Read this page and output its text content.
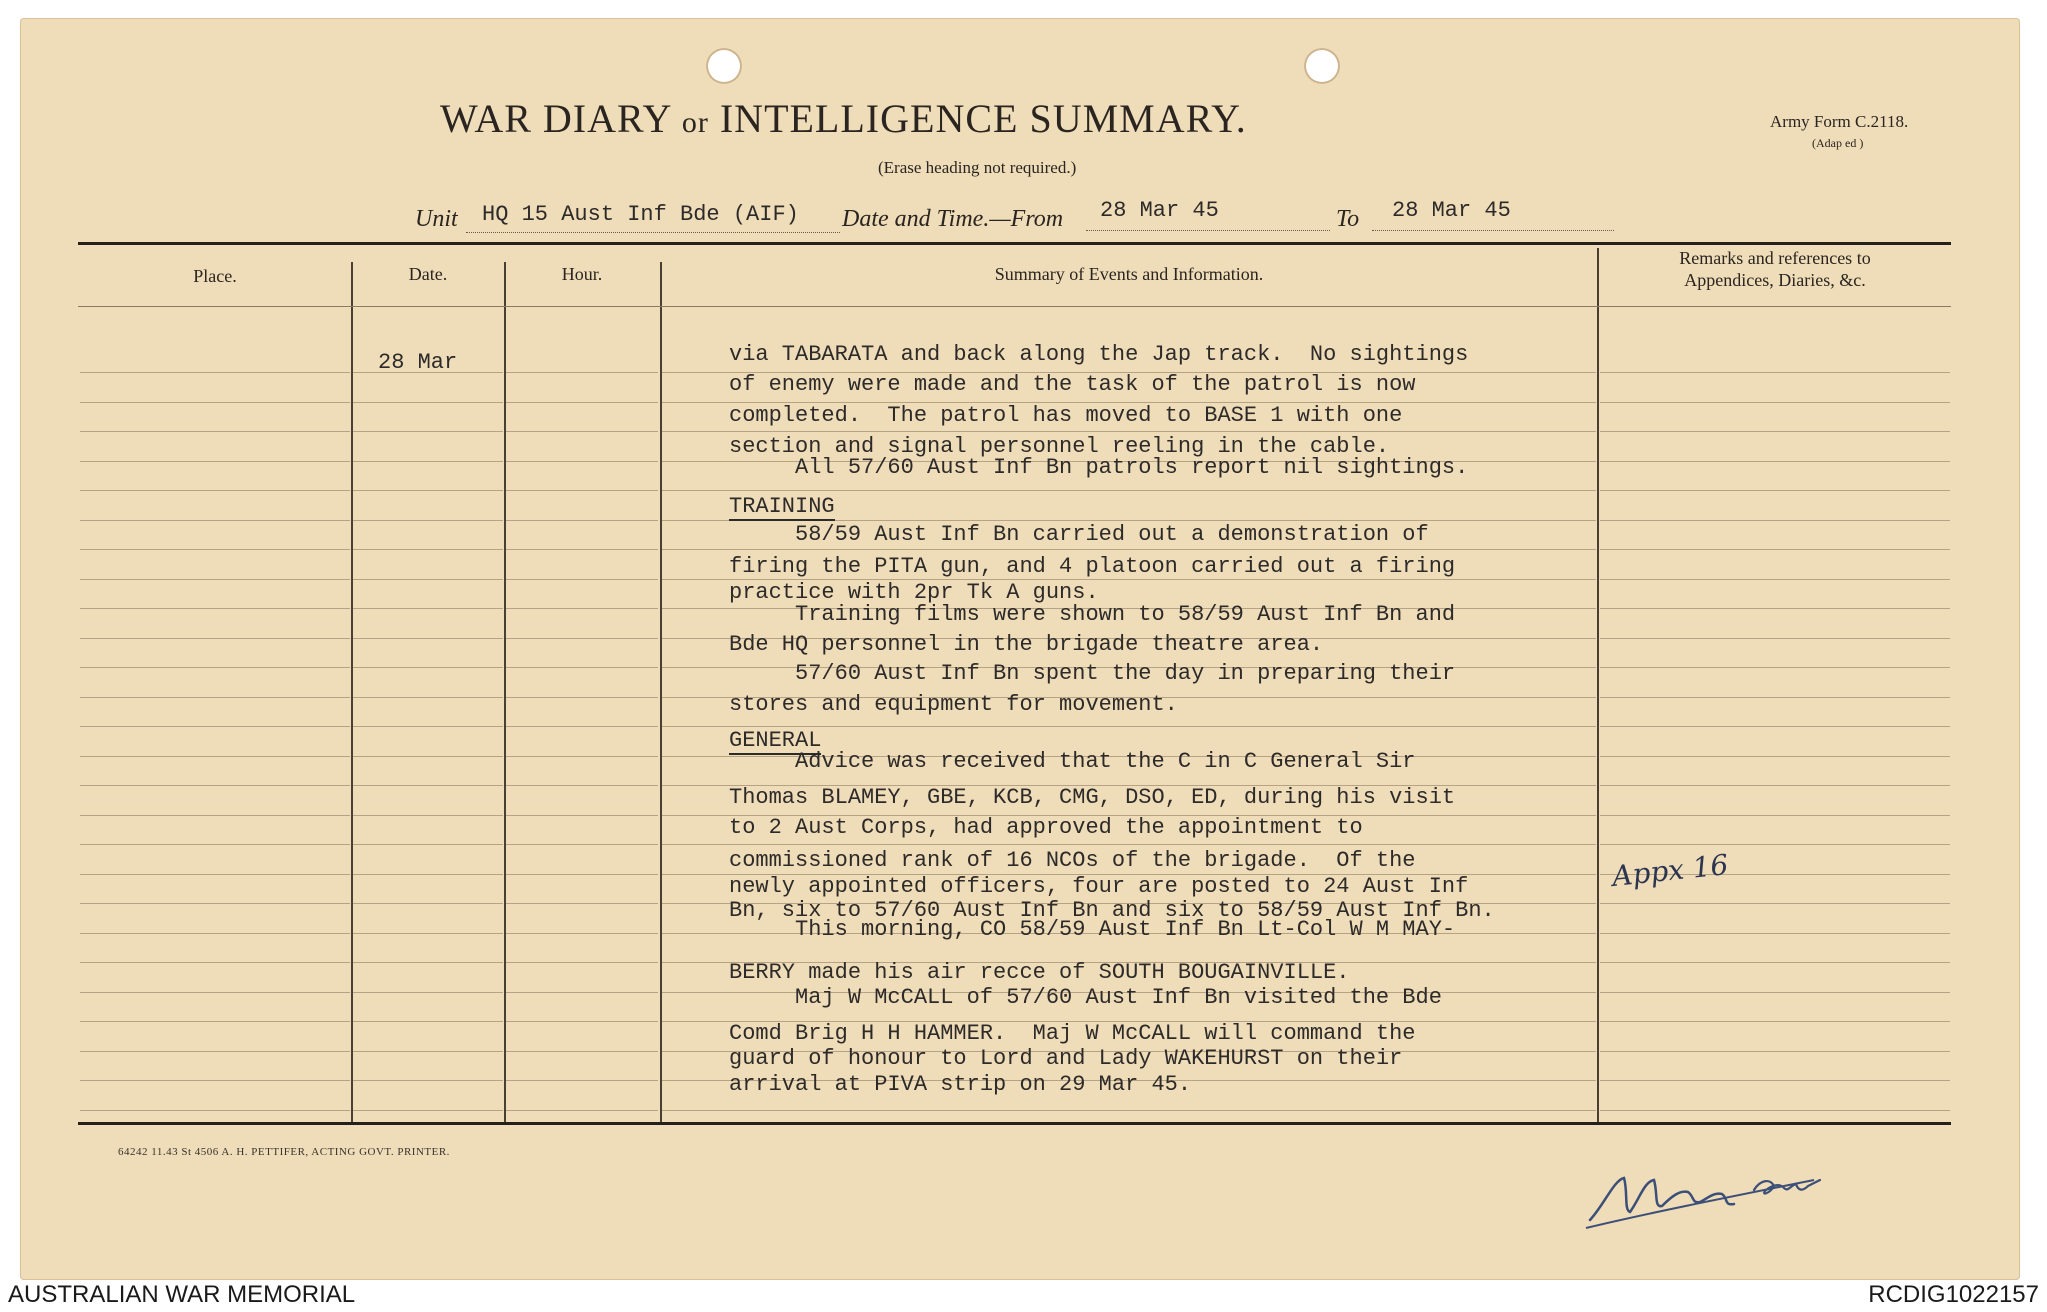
WAR DIARY or INTELLIGENCE SUMMARY.
(Erase heading not required.)
Army Form C.2118.
(Adap ed )
Unit HQ 15 Aust Inf Bde (AIF) Date and Time.—From 28 Mar 45	To 28 Mar 45
Place.	Date.	Hour.	Summary of Events and Information.
Remarks and references to
Appendices, Diaries, &c.
28 Mar	via TABARATA and back along the Jap track.  No sightings
of enemy were made and the task of the patrol is now
completed.  The patrol has moved to BASE 1 with one
section and signal personnel reeling in the cable.
All 57/60 Aust Inf Bn patrols report nil sightings.
TRAINING
58/59 Aust Inf Bn carried out a demonstration of
firing the PITA gun, and 4 platoon carried out a firing
practice with 2pr Tk A guns.
Training films were shown to 58/59 Aust Inf Bn and
Bde HQ personnel in the brigade theatre area.
57/60 Aust Inf Bn spent the day in preparing their
stores and equipment for movement.
GENERAL
Advice was received that the C in C General Sir
Thomas BLAMEY, GBE, KCB, CMG, DSO, ED, during his visit
to 2 Aust Corps, had approved the appointment to
commissioned rank of 16 NCOs of the brigade.  Of the
newly appointed officers, four are posted to 24 Aust Inf
Bn, six to 57/60 Aust Inf Bn and six to 58/59 Aust Inf Bn.
This morning, CO 58/59 Aust Inf Bn Lt-Col W M MAY-
BERRY made his air recce of SOUTH BOUGAINVILLE.
Maj W McCALL of 57/60 Aust Inf Bn visited the Bde
Comd Brig H H HAMMER.  Maj W McCALL will command the
guard of honour to Lord and Lady WAKEHURST on their
arrival at PIVA strip on 29 Mar 45.
Appx 16
64242 11.43 St 4506 A. H. PETTIFER, ACTING GOVT. PRINTER.
AUSTRALIAN WAR MEMORIAL	RCDIG1022157
